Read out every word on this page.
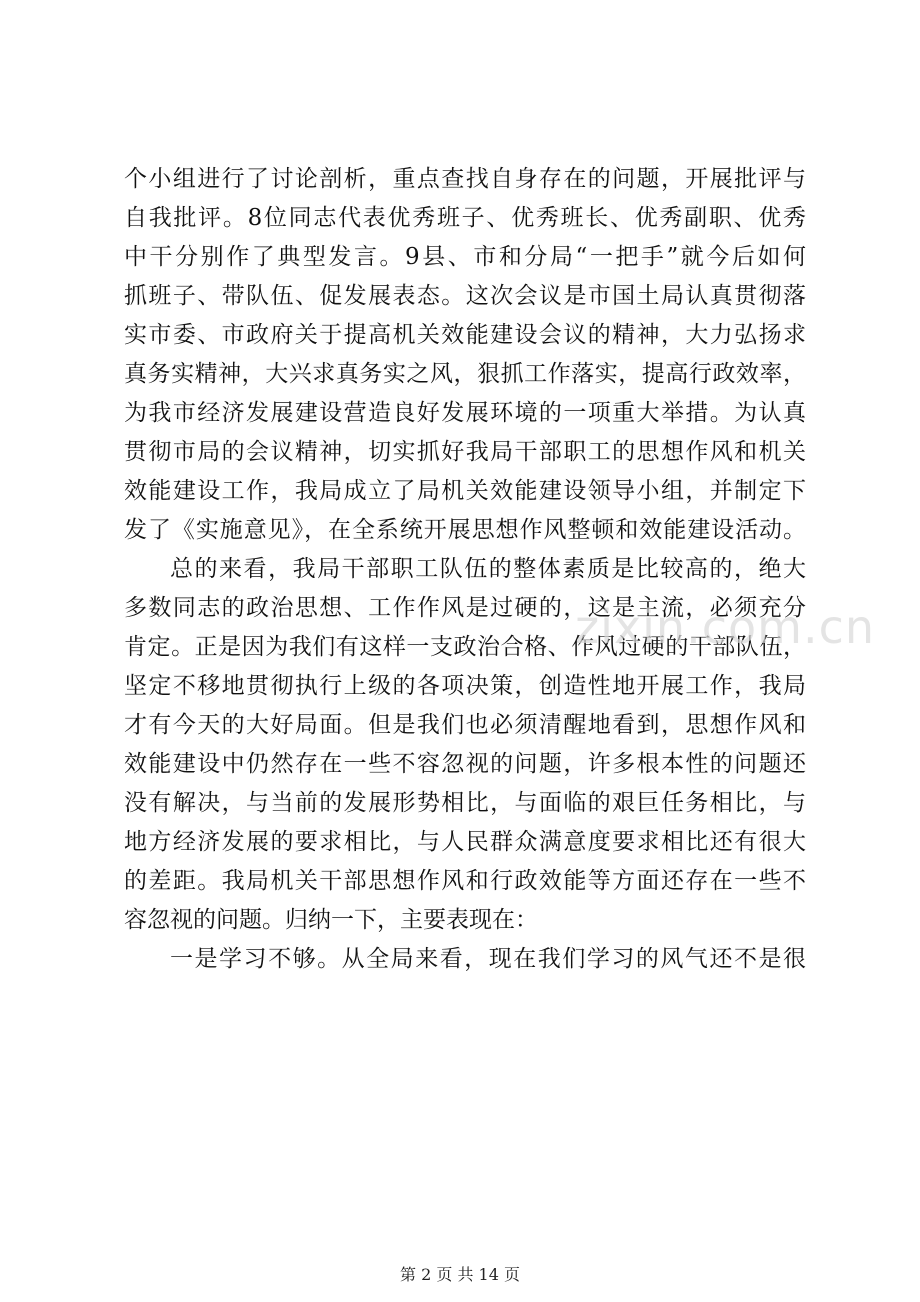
个小组进行了讨论剖析，重点查找自身存在的问题，开展批评与
自我批评。8位同志代表优秀班子、优秀班长、优秀副职、优秀
中干分别作了典型发言。9县、市和分局“一把手”就今后如何
抓班子、带队伍、促发展表态。这次会议是市国土局认真贯彻落
实市委、市政府关于提高机关效能建设会议的精神，大力弘扬求
真务实精神，大兴求真务实之风，狠抓工作落实，提高行政效率，
为我市经济发展建设营造良好发展环境的一项重大举措。为认真
贯彻市局的会议精神，切实抓好我局干部职工的思想作风和机关
效能建设工作，我局成立了局机关效能建设领导小组，并制定下
发了《实施意见》，在全系统开展思想作风整顿和效能建设活动。
总的来看，我局干部职工队伍的整体素质是比较高的，绝大
多数同志的政治思想、工作作风是过硬的，这是主流，必须充分
肯定。正是因为我们有这样一支政治合格、作风过硬的干部队伍，
坚定不移地贯彻执行上级的各项决策，创造性地开展工作，我局
才有今天的大好局面。但是我们也必须清醒地看到，思想作风和
效能建设中仍然存在一些不容忽视的问题，许多根本性的问题还
没有解决，与当前的发展形势相比，与面临的艰巨任务相比，与
地方经济发展的要求相比，与人民群众满意度要求相比还有很大
的差距。我局机关干部思想作风和行政效能等方面还存在一些不
容忽视的问题。归纳一下，主要表现在：
一是学习不够。从全局来看，现在我们学习的风气还不是很
zixin.com.cn
第 2 页 共 14 页
